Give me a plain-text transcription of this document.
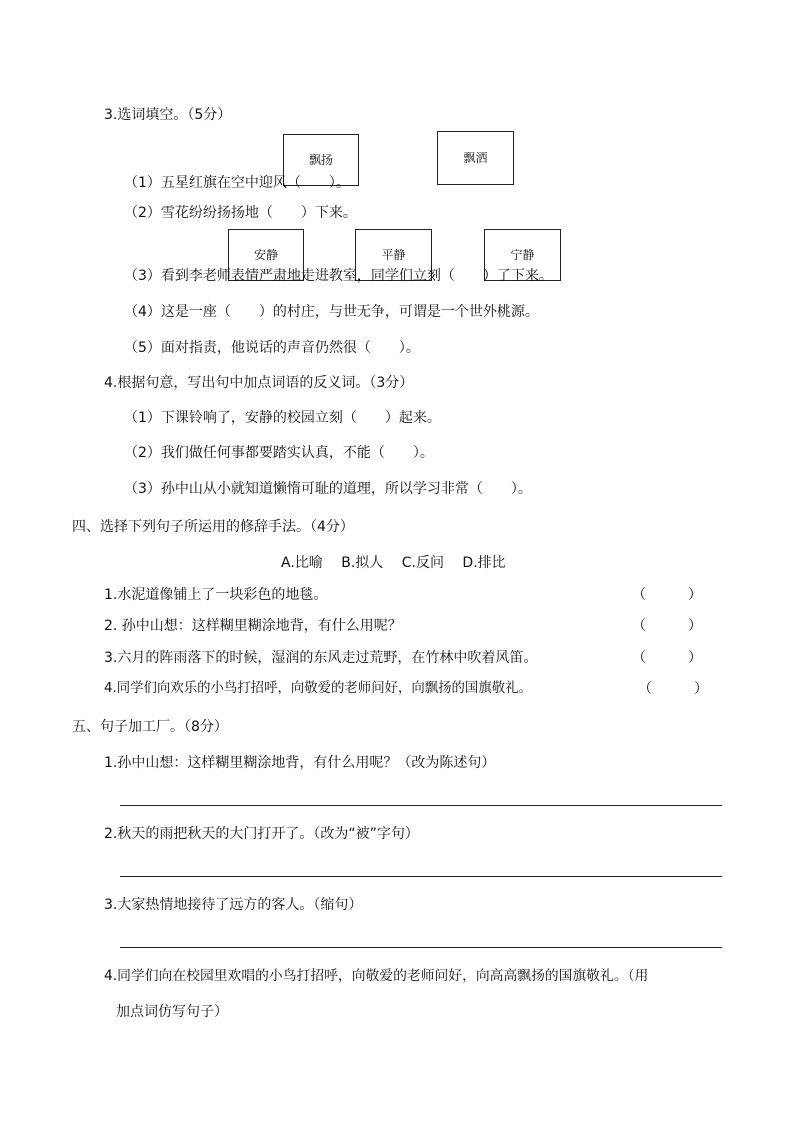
3.选词填空。（5分）
飘扬	飘洒
（1）五星红旗在空中迎风（　　）。
（2）雪花纷纷扬扬地（　　）下来。
安静	平静	宁静
（3）看到李老师表情严肃地走进教室，同学们立刻（　　）了下来。
（4）这是一座（　　）的村庄，与世无争，可谓是一个世外桃源。
（5）面对指责，他说话的声音仍然很（　　）。
4.根据句意，写出句中加点词语的反义词。（3分）
（1）下课铃响了，安静的校园立刻（　　）起来。
（2）我们做任何事都要踏实认真，不能（　　）。
（3）孙中山从小就知道懒惰可耻的道理，所以学习非常（　　）。
四、选择下列句子所运用的修辞手法。（4分）
A.比喻　 B.拟人　 C.反问　 D.排比
1.水泥道像铺上了一块彩色的地毯。	（　　　）
2. 孙中山想：这样糊里糊涂地背，有什么用呢？	（　　　）
3.六月的阵雨落下的时候，湿润的东风走过荒野，在竹林中吹着风笛。	（　　　）
4.同学们向欢乐的小鸟打招呼，向敬爱的老师问好，向飘扬的国旗敬礼。	（　　　）
五、句子加工厂。（8分）
1.孙中山想：这样糊里糊涂地背，有什么用呢？（改为陈述句）
2.秋天的雨把秋天的大门打开了。（改为“被”字句）
3.大家热情地接待了远方的客人。（缩句）
4.同学们向在校园里欢唱的小鸟打招呼，向敬爱的老师问好，向高高飘扬的国旗敬礼。（用
加点词仿写句子）
